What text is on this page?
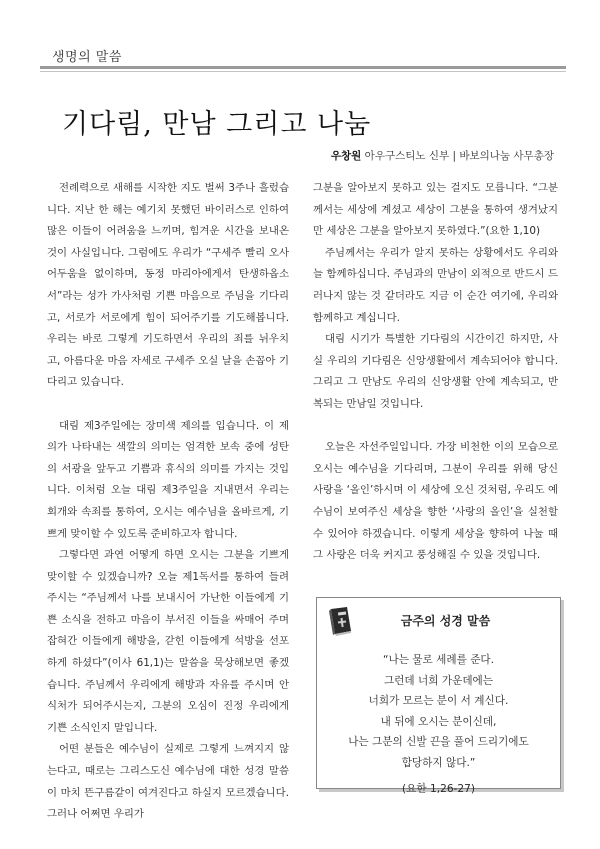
생명의 말씀
기다림, 만남 그리고 나눔
우창원 아우구스티노 신부 | 바보의나눔 사무총장

전례력으로 새해를 시작한 지도 벌써 3주나 흘렀습니다. 지난 한 해는 예기치 못했던 바이러스로 인하여 많은 이들이 어려움을 느끼며, 힘겨운 시간을 보내온 것이 사실입니다. 그럼에도 우리가 “구세주 빨리 오사 어두움을 없이하며, 동정 마리아에게서 탄생하옵소서”라는 성가 가사처럼 기쁜 마음으로 주님을 기다리고, 서로가 서로에게 힘이 되어주기를 기도해봅니다. 우리는 바로 그렇게 기도하면서 우리의 죄를 뉘우치고, 아름다운 마음 자세로 구세주 오실 날을 손꼽아 기다리고 있습니다.

대림 제3주일에는 장미색 제의를 입습니다. 이 제의가 나타내는 색깔의 의미는 엄격한 보속 중에 성탄의 서광을 앞두고 기쁨과 휴식의 의미를 가지는 것입니다. 이처럼 오늘 대림 제3주일을 지내면서 우리는 회개와 속죄를 통하여, 오시는 예수님을 올바르게, 기쁘게 맞이할 수 있도록 준비하고자 합니다.

그렇다면 과연 어떻게 하면 오시는 그분을 기쁘게 맞이할 수 있겠습니까? 오늘 제1독서를 통하여 들려주시는 “주님께서 나를 보내시어 가난한 이들에게 기쁜 소식을 전하고 마음이 부서진 이들을 싸매어 주며 잡혀간 이들에게 해방을, 갇힌 이들에게 석방을 선포하게 하셨다”(이사 61,1)는 말씀을 묵상해보면 좋겠습니다. 주님께서 우리에게 해방과 자유를 주시며 안식처가 되어주시는지, 그분의 오심이 진정 우리에게 기쁜 소식인지 말입니다.

어떤 분들은 예수님이 실제로 그렇게 느껴지지 않는다고, 때로는 그리스도신 예수님에 대한 성경 말씀이 마치 뜬구름같이 여겨진다고 하실지 모르겠습니다. 그러나 어쩌면 우리가

그분을 알아보지 못하고 있는 걸지도 모릅니다. “그분께서는 세상에 계셨고 세상이 그분을 통하여 생겨났지만 세상은 그분을 알아보지 못하였다.”(요한 1,10)

주님께서는 우리가 알지 못하는 상황에서도 우리와 늘 함께하십니다. 주님과의 만남이 외적으로 반드시 드러나지 않는 것 같더라도 지금 이 순간 여기에, 우리와 함께하고 계십니다.

대림 시기가 특별한 기다림의 시간이긴 하지만, 사실 우리의 기다림은 신앙생활에서 계속되어야 합니다. 그리고 그 만남도 우리의 신앙생활 안에 계속되고, 반복되는 만남일 것입니다.

오늘은 자선주일입니다. 가장 비천한 이의 모습으로 오시는 예수님을 기다리며, 그분이 우리를 위해 당신 사랑을 ‘올인’하시며 이 세상에 오신 것처럼, 우리도 예수님이 보여주신 세상을 향한 ‘사랑의 올인’을 실천할 수 있어야 하겠습니다. 이렇게 세상을 향하여 나눌 때 그 사랑은 더욱 커지고 풍성해질 수 있을 것입니다.

금주의 성경 말씀
“나는 물로 세례를 준다.
그런데 너희 가운데에는
너희가 모르는 분이 서 계신다.
내 뒤에 오시는 분이신데,
나는 그분의 신발 끈을 풀어 드리기에도
합당하지 않다.”
(요한 1,26-27)
